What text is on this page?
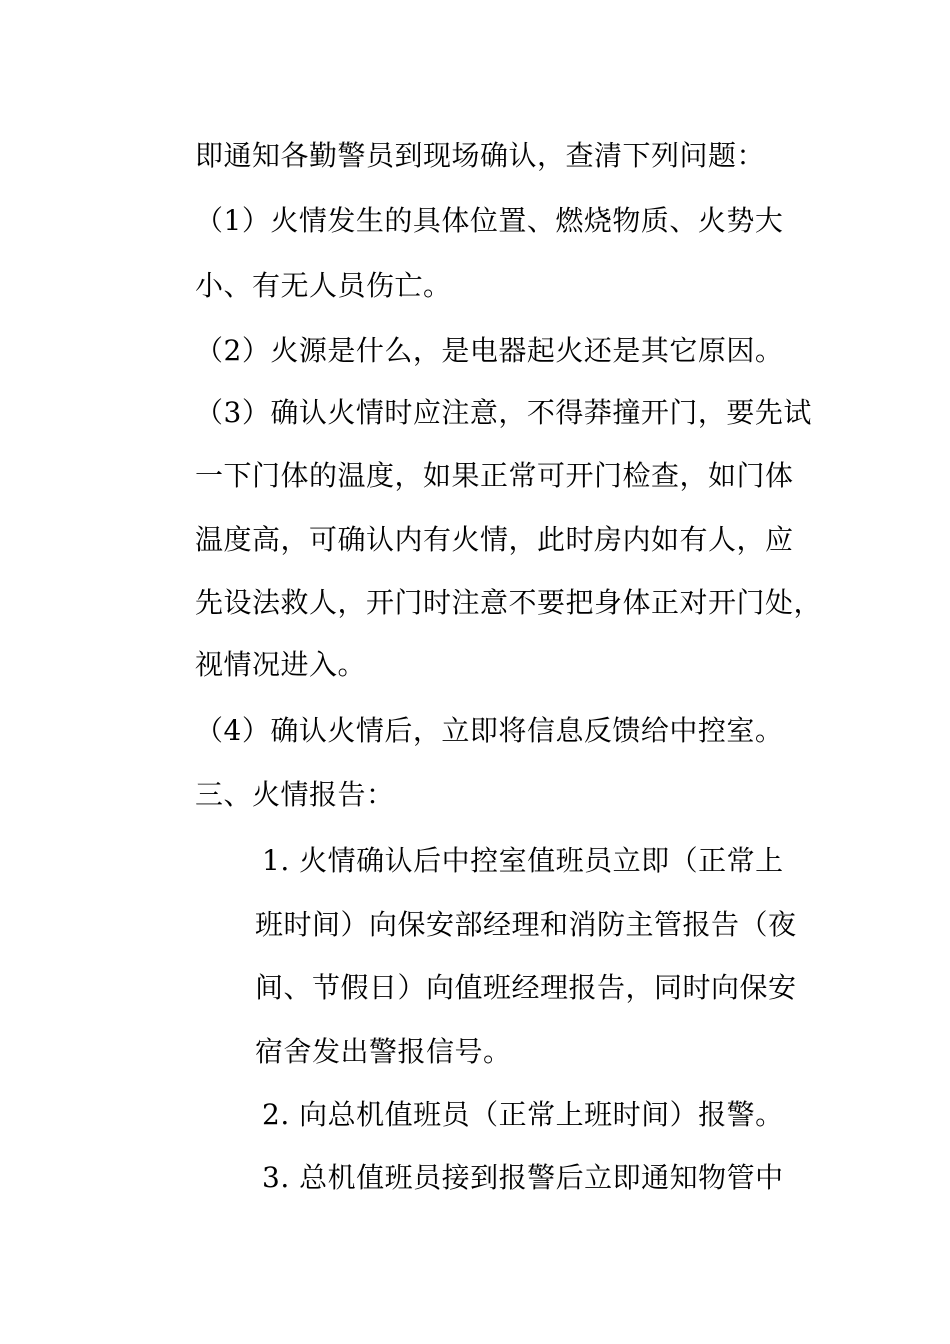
即通知各勤警员到现场确认，查清下列问题：
（1）火情发生的具体位置、燃烧物质、火势大
小、有无人员伤亡。
（2）火源是什么，是电器起火还是其它原因。
（3）确认火情时应注意，不得莽撞开门，要先试
一下门体的温度，如果正常可开门检查，如门体
温度高，可确认内有火情，此时房内如有人，应
先设法救人，开门时注意不要把身体正对开门处，
视情况进入。
（4）确认火情后，立即将信息反馈给中控室。
三、火情报告：
1. 火情确认后中控室值班员立即（正常上
班时间）向保安部经理和消防主管报告（夜
间、节假日）向值班经理报告，同时向保安
宿舍发出警报信号。
2. 向总机值班员（正常上班时间）报警。
3. 总机值班员接到报警后立即通知物管中
